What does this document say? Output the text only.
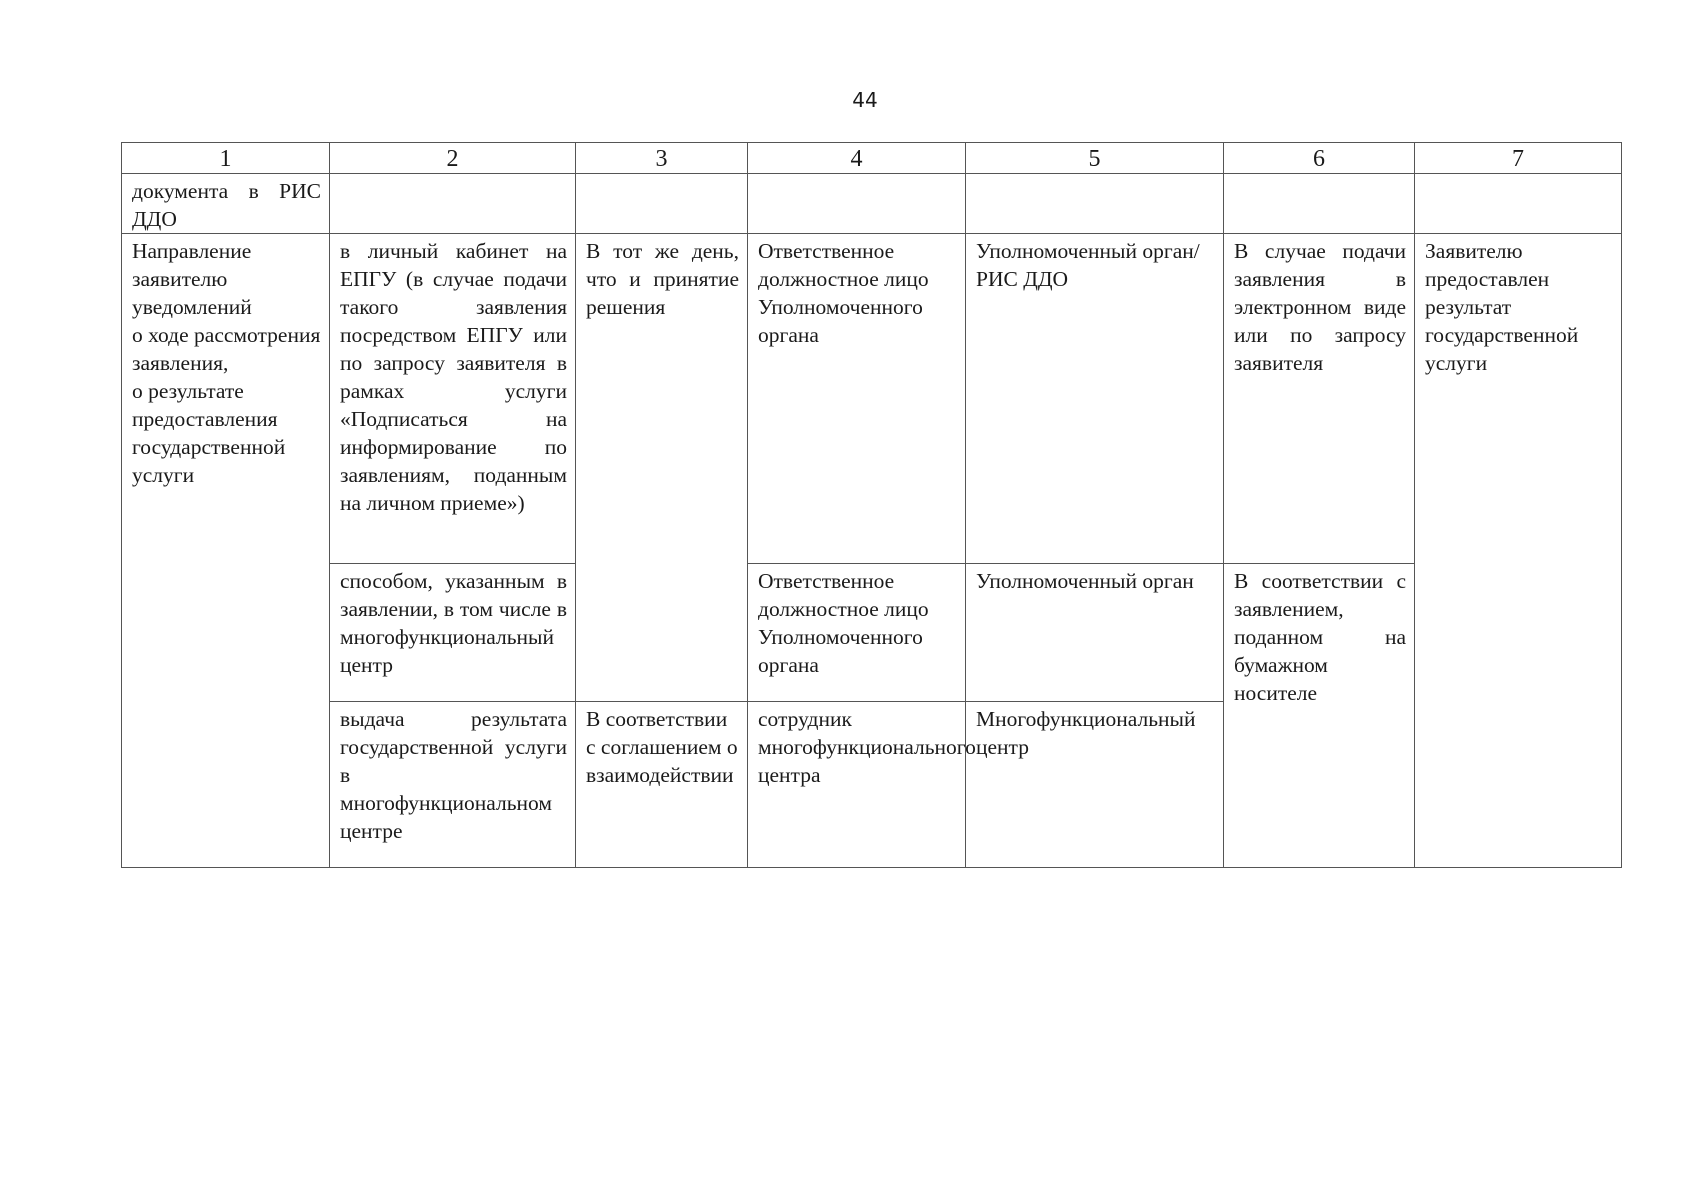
44
1	2	3	4	5	6	7
документа в РИС ДДО						
Направление заявителю уведомлений
о ходе рассмотрения заявления,
о результате предоставления государственной услуги	в личный кабинет на ЕПГУ (в случае подачи такого заявления посредством ЕПГУ или по запросу заявителя в рамках услуги «Подписаться на информирование по заявлениям, поданным на личном приеме»)	В тот же день, что и принятие решения	Ответственное должностное лицо Уполномоченного органа	Уполномоченный орган/РИС ДДО	В случае подачи заявления в электронном виде или по запросу заявителя	Заявителю предоставлен результат государственной услуги
	способом, указанным в заявлении, в том числе в многофункциональный центр		Ответственное должностное лицо Уполномоченного органа	Уполномоченный орган	В соответствии с заявлением, поданном на бумажном носителе	
	выдача результата государственной услуги в многофункциональном центре	В соответствии с соглашением о взаимодействии	сотрудник многофункционального центра	Многофункциональный центр		
